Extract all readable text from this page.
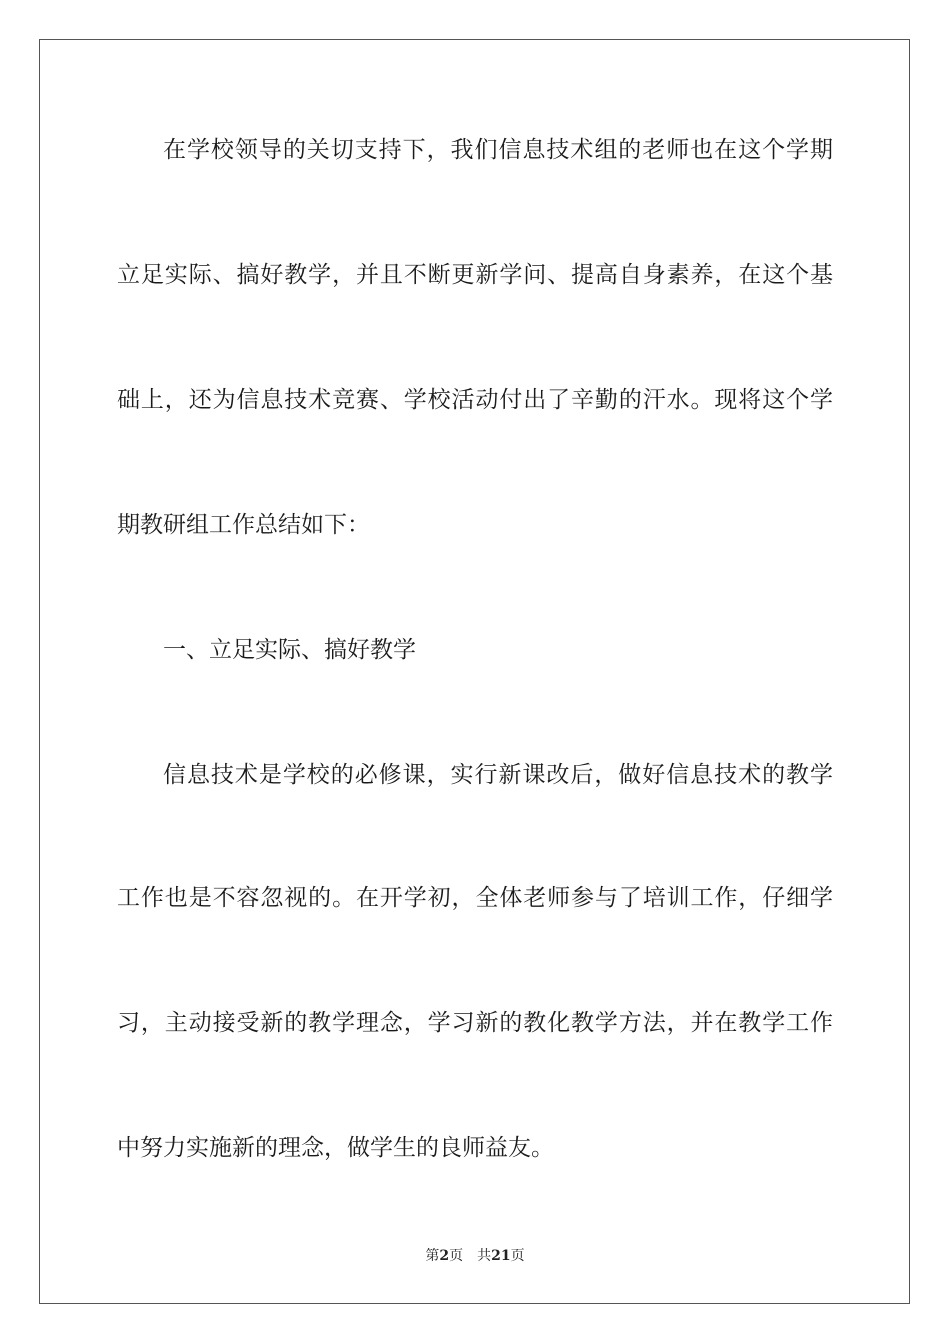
在学校领导的关切支持下，我们信息技术组的老师也在这个学期
立足实际、搞好教学，并且不断更新学问、提高自身素养，在这个基
础上，还为信息技术竞赛、学校活动付出了辛勤的汗水。现将这个学
期教研组工作总结如下：
一、立足实际、搞好教学
信息技术是学校的必修课，实行新课改后，做好信息技术的教学
工作也是不容忽视的。在开学初，全体老师参与了培训工作，仔细学
习，主动接受新的教学理念，学习新的教化教学方法，并在教学工作
中努力实施新的理念，做学生的良师益友。
第2页 共21页
